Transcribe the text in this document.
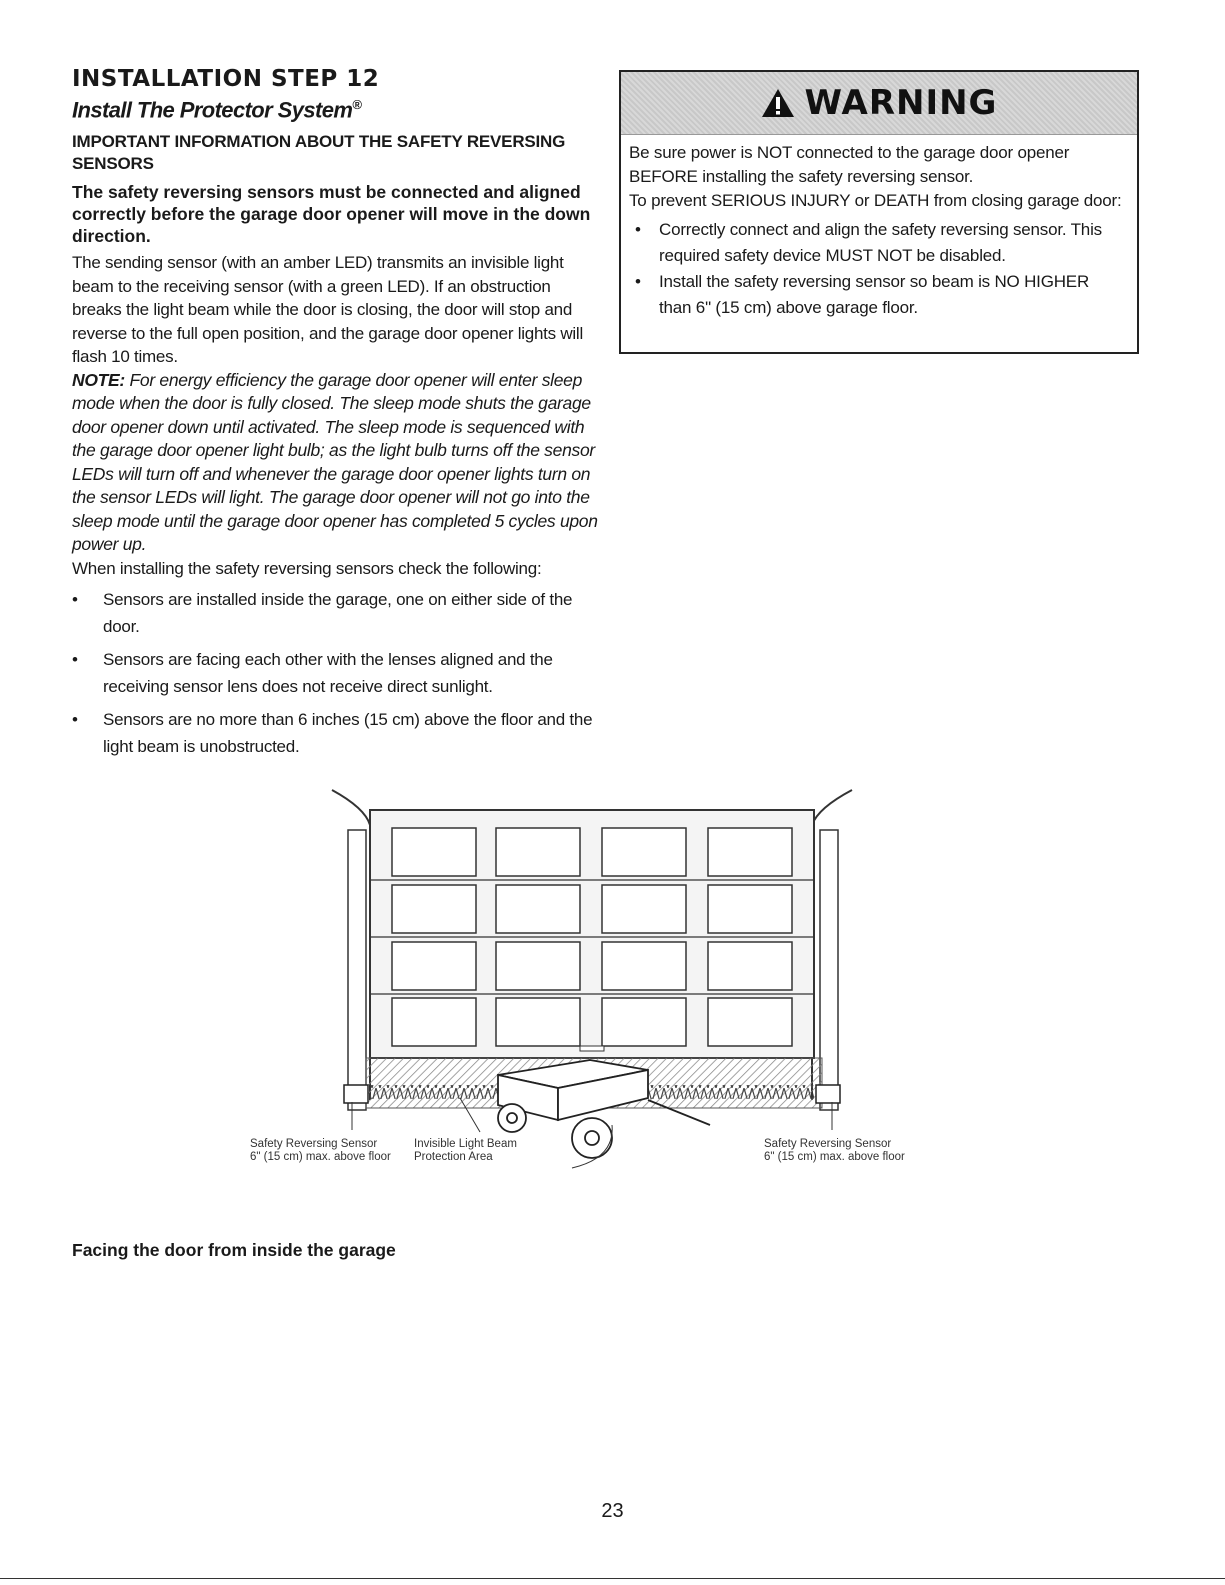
INSTALLATION STEP 12
Install The Protector System®

IMPORTANT INFORMATION ABOUT THE SAFETY REVERSING SENSORS

The safety reversing sensors must be connected and aligned correctly before the garage door opener will move in the down direction.

The sending sensor (with an amber LED) transmits an invisible light beam to the receiving sensor (with a green LED). If an obstruction breaks the light beam while the door is closing, the door will stop and reverse to the full open position, and the garage door opener lights will flash 10 times.

NOTE: For energy efficiency the garage door opener will enter sleep mode when the door is fully closed. The sleep mode shuts the garage door opener down until activated. The sleep mode is sequenced with the garage door opener light bulb; as the light bulb turns off the sensor LEDs will turn off and whenever the garage door opener lights turn on the sensor LEDs will light. The garage door opener will not go into the sleep mode until the garage door opener has completed 5 cycles upon power up.

When installing the safety reversing sensors check the following:

• Sensors are installed inside the garage, one on either side of the door.
• Sensors are facing each other with the lenses aligned and the receiving sensor lens does not receive direct sunlight.
• Sensors are no more than 6 inches (15 cm) above the floor and the light beam is unobstructed.
WARNING

Be sure power is NOT connected to the garage door opener BEFORE installing the safety reversing sensor.

To prevent SERIOUS INJURY or DEATH from closing garage door:

• Correctly connect and align the safety reversing sensor. This required safety device MUST NOT be disabled.
• Install the safety reversing sensor so beam is NO HIGHER than 6" (15 cm) above garage floor.
Safety Reversing Sensor
6" (15 cm) max. above floor
Invisible Light Beam
Protection Area
Safety Reversing Sensor
6" (15 cm) max. above floor

Facing the door from inside the garage

23
